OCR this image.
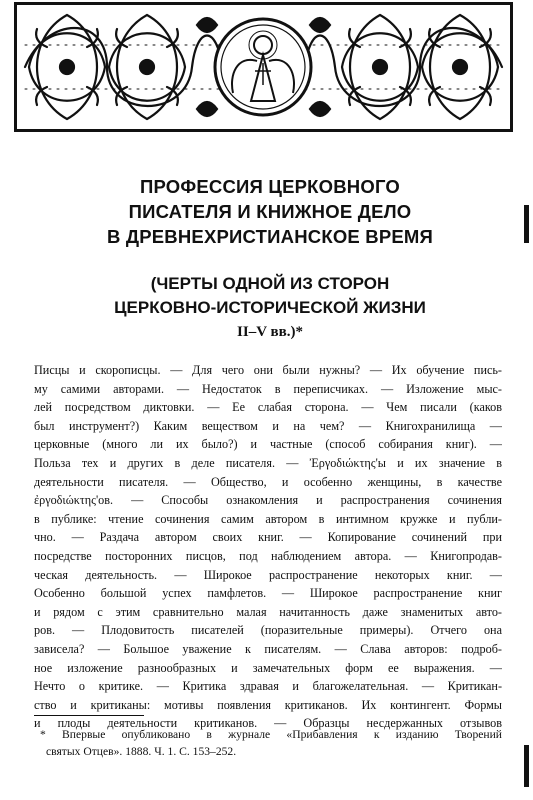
ПРОФЕССИЯ ЦЕРКОВНОГО
ПИСАТЕЛЯ И КНИЖНОЕ ДЕЛО
В ДРЕВНЕХРИСТИАНСКОЕ ВРЕМЯ
(ЧЕРТЫ ОДНОЙ ИЗ СТОРОН
ЦЕРКОВНО-ИСТОРИЧЕСКОЙ ЖИЗНИ
II–V вв.)*
Писцы и скорописцы. — Для чего они были нужны? — Их обучение пись-
му самими авторами. — Недостаток в переписчиках. — Изложение мыс-
лей посредством диктовки. — Ее слабая сторона. — Чем писали (каков
был инструмент?) Каким веществом и на чем? — Книгохранилища —
церковные (много ли их было?) и частные (способ собирания книг). —
Польза тех и других в деле писателя. — Ἐργοδιώκτης'ы и их значение в
деятельности писателя. — Общество, и особенно женщины, в качестве
ἐργοδιώκτης'ов. — Способы ознакомления и распространения сочинения
в публике: чтение сочинения самим автором в интимном кружке и публи-
чно. — Раздача автором своих книг. — Копирование сочинений при
посредстве посторонних писцов, под наблюдением автора. — Книгопродав-
ческая деятельность. — Широкое распространение некоторых книг. —
Особенно большой успех памфлетов. — Широкое распространение книг
и рядом с этим сравнительно малая начитанность даже знаменитых авто-
ров. — Плодовитость писателей (поразительные примеры). Отчего она
зависела? — Большое уважение к писателям. — Слава авторов: подроб-
ное изложение разнообразных и замечательных форм ее выражения. —
Нечто о критике. — Критика здравая и благожелательная. — Критикан-
ство и критиканы: мотивы появления критиканов. Их контингент. Формы
и плоды деятельности критиканов. — Образцы несдержанных отзывов
* Впервые опубликовано в журнале «Прибавления к изданию Творений
святых Отцев». 1888. Ч. 1. С. 153–252.
